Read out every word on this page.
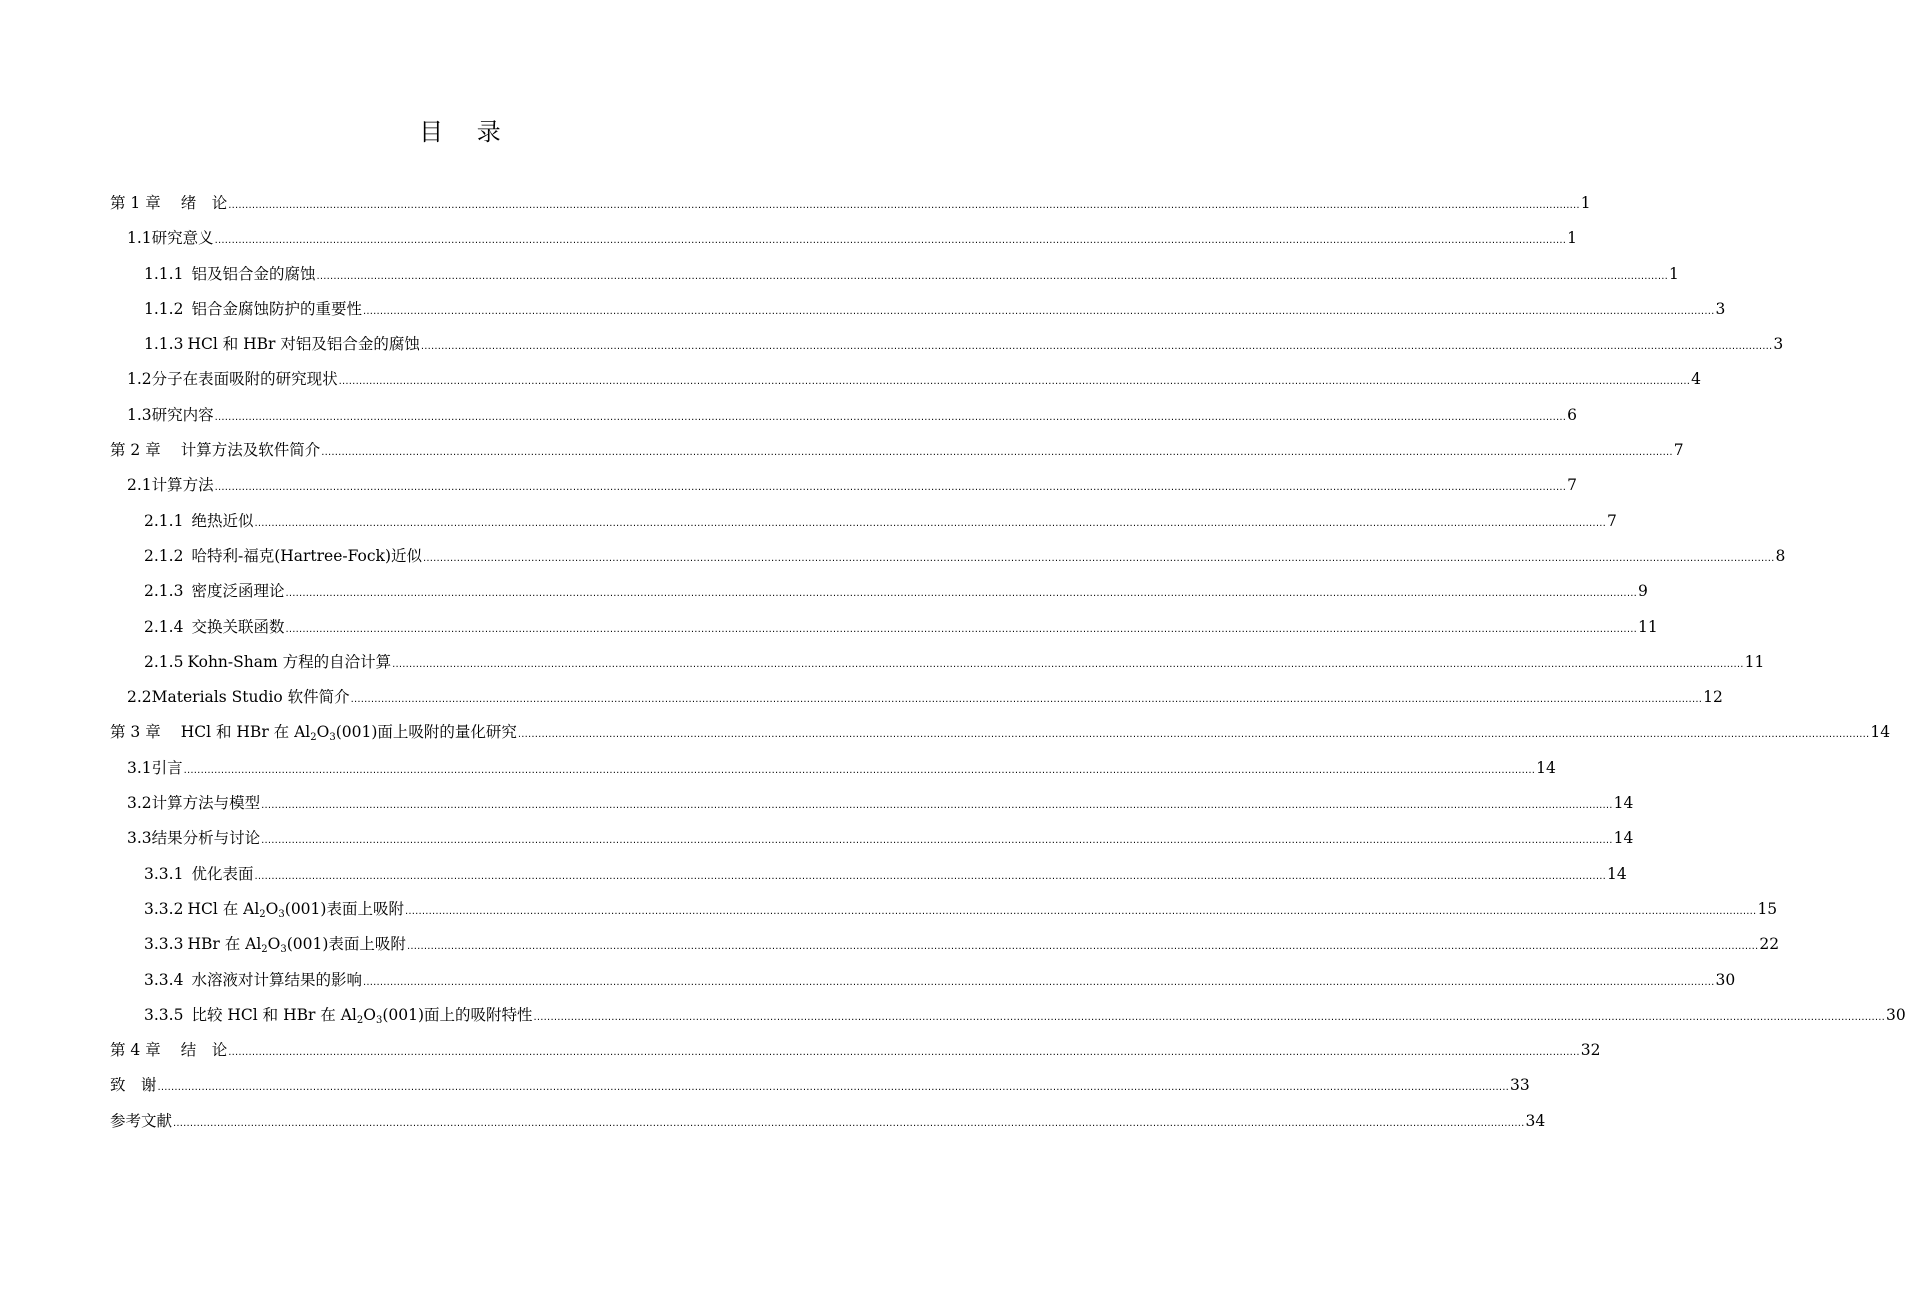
目 录
第 1 章 绪　论 ................................................................................................................................................................................................................................................................................................................................................................................................................ 1
1.1 研究意义 ................................................................................................................................................................................................................................................................................................................................................................................................................ 1
1.1.1 铝及铝合金的腐蚀 ................................................................................................................................................................................................................................................................................................................................................................................................................ 1
1.1.2 铝合金腐蚀防护的重要性 ................................................................................................................................................................................................................................................................................................................................................................................................................ 3
1.1.3 HCl 和 HBr 对铝及铝合金的腐蚀 ................................................................................................................................................................................................................................................................................................................................................................................................................ 3
1.2 分子在表面吸附的研究现状 ................................................................................................................................................................................................................................................................................................................................................................................................................ 4
1.3 研究内容 ................................................................................................................................................................................................................................................................................................................................................................................................................ 6
第 2 章 计算方法及软件简介 ................................................................................................................................................................................................................................................................................................................................................................................................................ 7
2.1 计算方法 ................................................................................................................................................................................................................................................................................................................................................................................................................ 7
2.1.1 绝热近似 ................................................................................................................................................................................................................................................................................................................................................................................................................ 7
2.1.2 哈特利-福克(Hartree-Fock)近似 ................................................................................................................................................................................................................................................................................................................................................................................................................ 8
2.1.3 密度泛函理论 ................................................................................................................................................................................................................................................................................................................................................................................................................ 9
2.1.4 交换关联函数 ................................................................................................................................................................................................................................................................................................................................................................................................................ 11
2.1.5 Kohn-Sham 方程的自洽计算 ................................................................................................................................................................................................................................................................................................................................................................................................................ 11
2.2 Materials Studio 软件简介 ................................................................................................................................................................................................................................................................................................................................................................................................................ 12
第 3 章 HCl 和 HBr 在 $Al_2O_3(001)$面上吸附的量化研究 ................................................................................................................................................................................................................................................................................................................................................................................................................ 14
3.1 引言 ................................................................................................................................................................................................................................................................................................................................................................................................................ 14
3.2 计算方法与模型 ................................................................................................................................................................................................................................................................................................................................................................................................................ 14
3.3 结果分析与讨论 ................................................................................................................................................................................................................................................................................................................................................................................................................ 14
3.3.1 优化表面 ................................................................................................................................................................................................................................................................................................................................................................................................................ 14
3.3.2 HCl 在 $Al_2O_3(001)$表面上吸附 ................................................................................................................................................................................................................................................................................................................................................................................................................ 15
3.3.3 HBr 在 $Al_2O_3(001)$表面上吸附 ................................................................................................................................................................................................................................................................................................................................................................................................................ 22
3.3.4 水溶液对计算结果的影响 ................................................................................................................................................................................................................................................................................................................................................................................................................ 30
3.3.5 比较 HCl 和 HBr 在 $Al_2O_3(001)$面上的吸附特性 ................................................................................................................................................................................................................................................................................................................................................................................................................ 30
第 4 章 结　论 ................................................................................................................................................................................................................................................................................................................................................................................................................ 32
致　谢 ................................................................................................................................................................................................................................................................................................................................................................................................................ 33
参考文献 ................................................................................................................................................................................................................................................................................................................................................................................................................ 34
